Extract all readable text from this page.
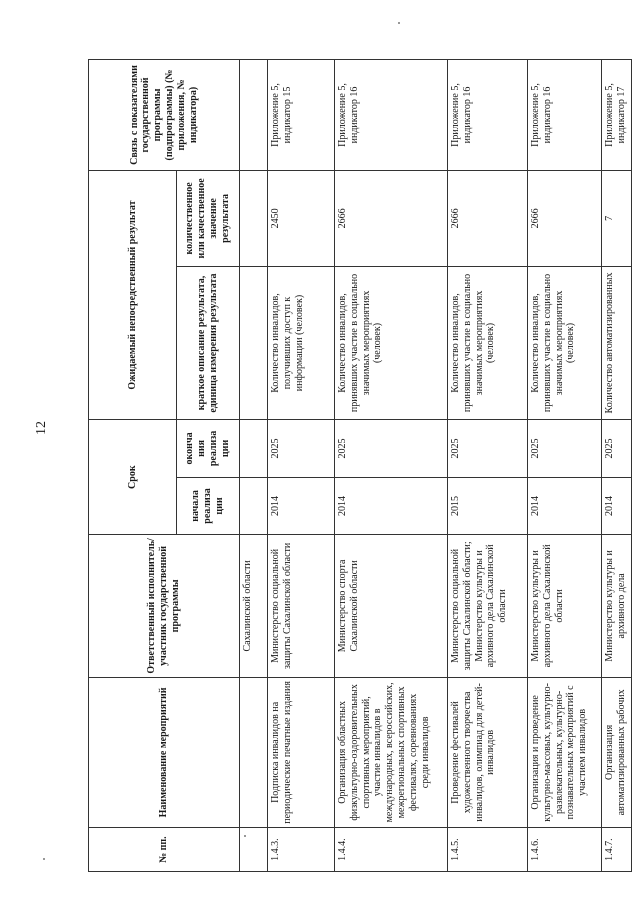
12
№ пп.	Наименование мероприятий	Ответственный исполнитель/участник государственной программы	Срок		Ожидаемый непосредственный результат		Связь с показателями государственной программы (подпрограммы) (№ приложения, № индикатора)
			начала реализа ции	оконча ния реализа ции	краткое описание результата, единица измерения результата	количественное или качественное значение результата	
		Сахалинской области					
1.4.3.	Подписка инвалидов на периодические печатные издания	Министерство социальной защиты Сахалинской области	2014	2025	Количество инвалидов, получивших доступ к информации (человек)	2450	Приложение 5, индикатор 15
1.4.4.	Организация областных физкультурно-оздоровительных спортивных мероприятий, участие инвалидов в международных, всероссийских, межрегиональных спортивных фестивалях, соревнованиях среди инвалидов	Министерство спорта Сахалинской области	2014	2025	Количество инвалидов, принявших участие в социально значимых мероприятиях (человек)	2666	Приложение 5, индикатор 16
1.4.5.	Проведение фестивалей художественного творчества инвалидов, олимпиад для детей-инвалидов	Министерство социальной защиты Сахалинской области; Министерство культуры и архивного дела Сахалинской области	2015	2025	Количество инвалидов, принявших участие в социально значимых мероприятиях (человек)	2666	Приложение 5, индикатор 16
1.4.6.	Организация и проведение культурно-массовых, культурно-развлекательных, культурно-познавательных мероприятий с участием инвалидов	Министерство культуры и архивного дела Сахалинской области	2014	2025	Количество инвалидов, принявших участие в социально значимых мероприятиях (человек)	2666	Приложение 5, индикатор 16
1.4.7.	Организация автоматизированных рабочих	Министерство культуры и архивного дела	2014	2025	Количество автоматизированных	7	Приложение 5, индикатор 17
